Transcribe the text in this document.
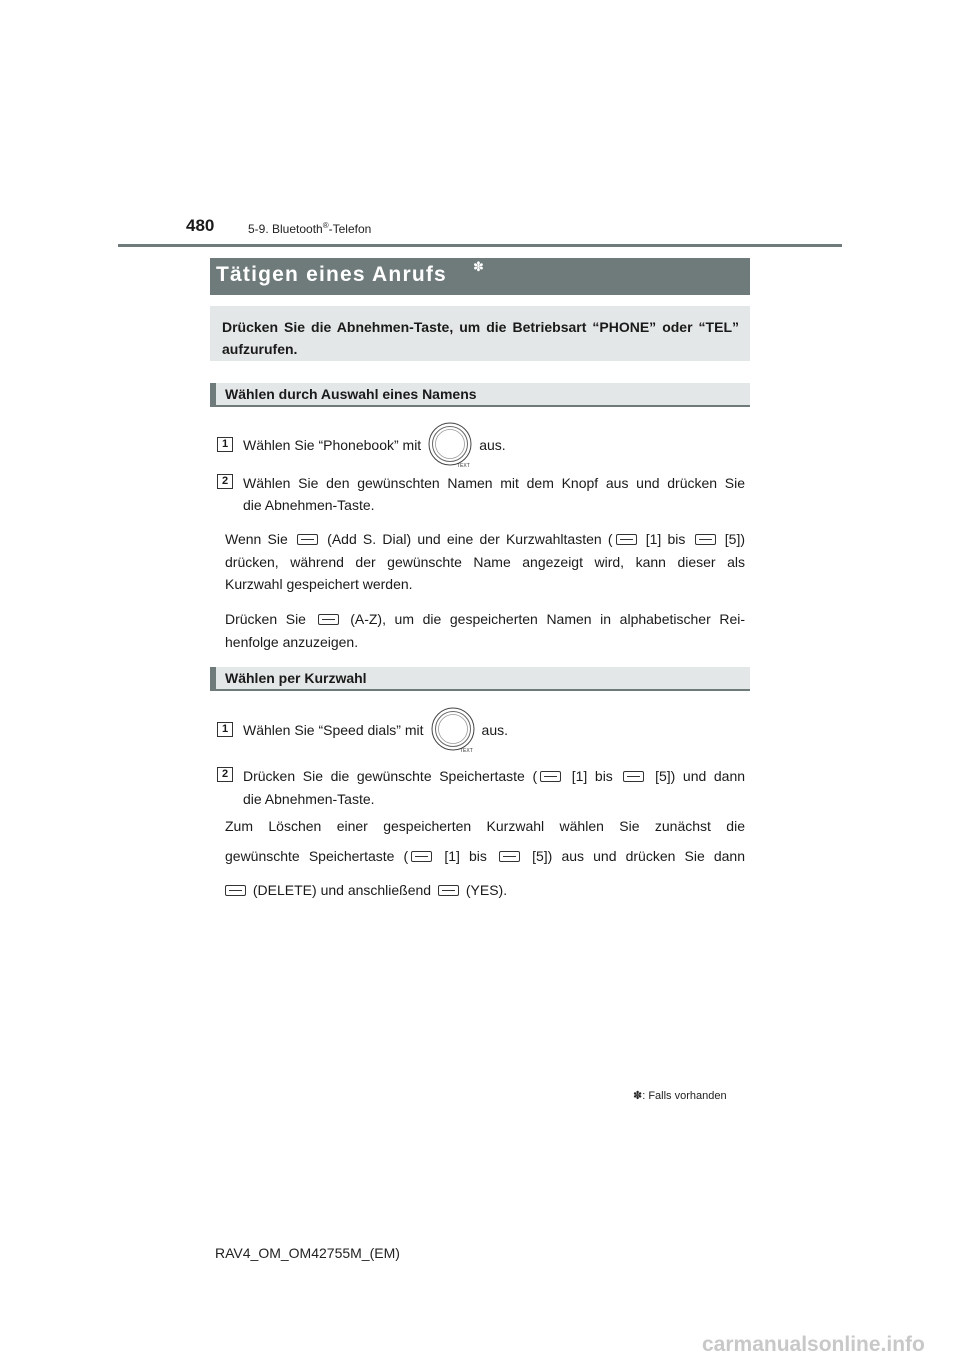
480	5-9. Bluetooth®-Telefon
Tätigen eines Anrufs ✽
Drücken Sie die Abnehmen-Taste, um die Betriebsart “PHONE” oder “TEL” aufzurufen.
Wählen durch Auswahl eines Namens
1	Wählen Sie “Phonebook” mit
TEXT
aus.
2	Wählen Sie den gewünschten Namen mit dem Knopf aus und drücken Sie
die Abnehmen-Taste.
Wenn Sie	(Add S. Dial) und eine der Kurzwahltasten ( [1] bis	[5])
drücken, während der gewünschte Name angezeigt wird, kann dieser als
Kurzwahl gespeichert werden.
Drücken Sie	(A-Z), um die gespeicherten Namen in alphabetischer Rei-
henfolge anzuzeigen.
Wählen per Kurzwahl
1	Wählen Sie “Speed dials” mit
TEXT
aus.
2	Drücken Sie die gewünschte Speichertaste ( [1] bis	[5]) und dann
die Abnehmen-Taste.
Zum Löschen einer gespeicherten Kurzwahl wählen Sie zunächst die
gewünschte Speichertaste (	[1] bis	[5]) aus und drücken Sie dann
(DELETE) und anschließend (YES).
✽: Falls vorhanden
RAV4_OM_OM42755M_(EM)
carmanualsonline.info
